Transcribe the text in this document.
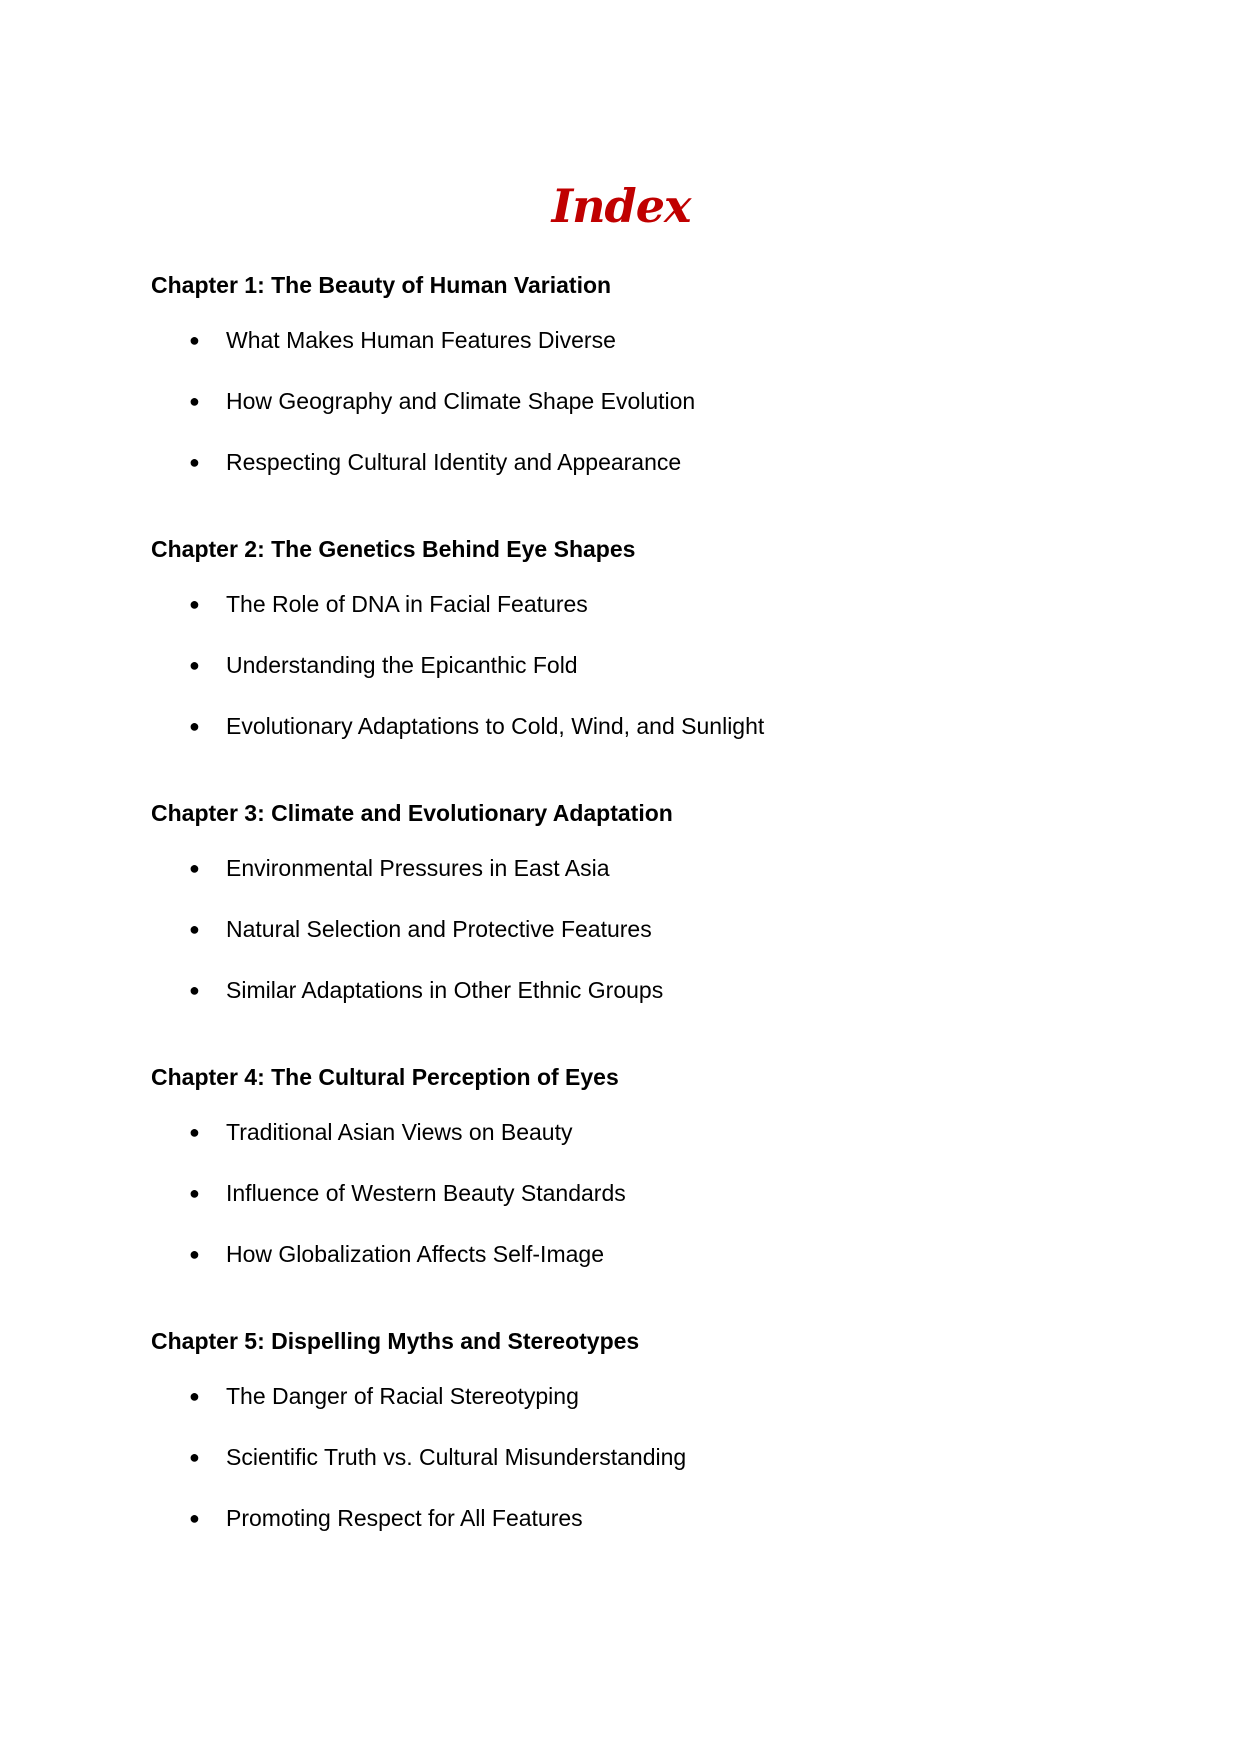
Index
Chapter 1: The Beauty of Human Variation
● What Makes Human Features Diverse
● How Geography and Climate Shape Evolution
● Respecting Cultural Identity and Appearance
Chapter 2: The Genetics Behind Eye Shapes
● The Role of DNA in Facial Features
● Understanding the Epicanthic Fold
● Evolutionary Adaptations to Cold, Wind, and Sunlight
Chapter 3: Climate and Evolutionary Adaptation
● Environmental Pressures in East Asia
● Natural Selection and Protective Features
● Similar Adaptations in Other Ethnic Groups
Chapter 4: The Cultural Perception of Eyes
● Traditional Asian Views on Beauty
● Influence of Western Beauty Standards
● How Globalization Affects Self-Image
Chapter 5: Dispelling Myths and Stereotypes
● The Danger of Racial Stereotyping
● Scientific Truth vs. Cultural Misunderstanding
● Promoting Respect for All Features
